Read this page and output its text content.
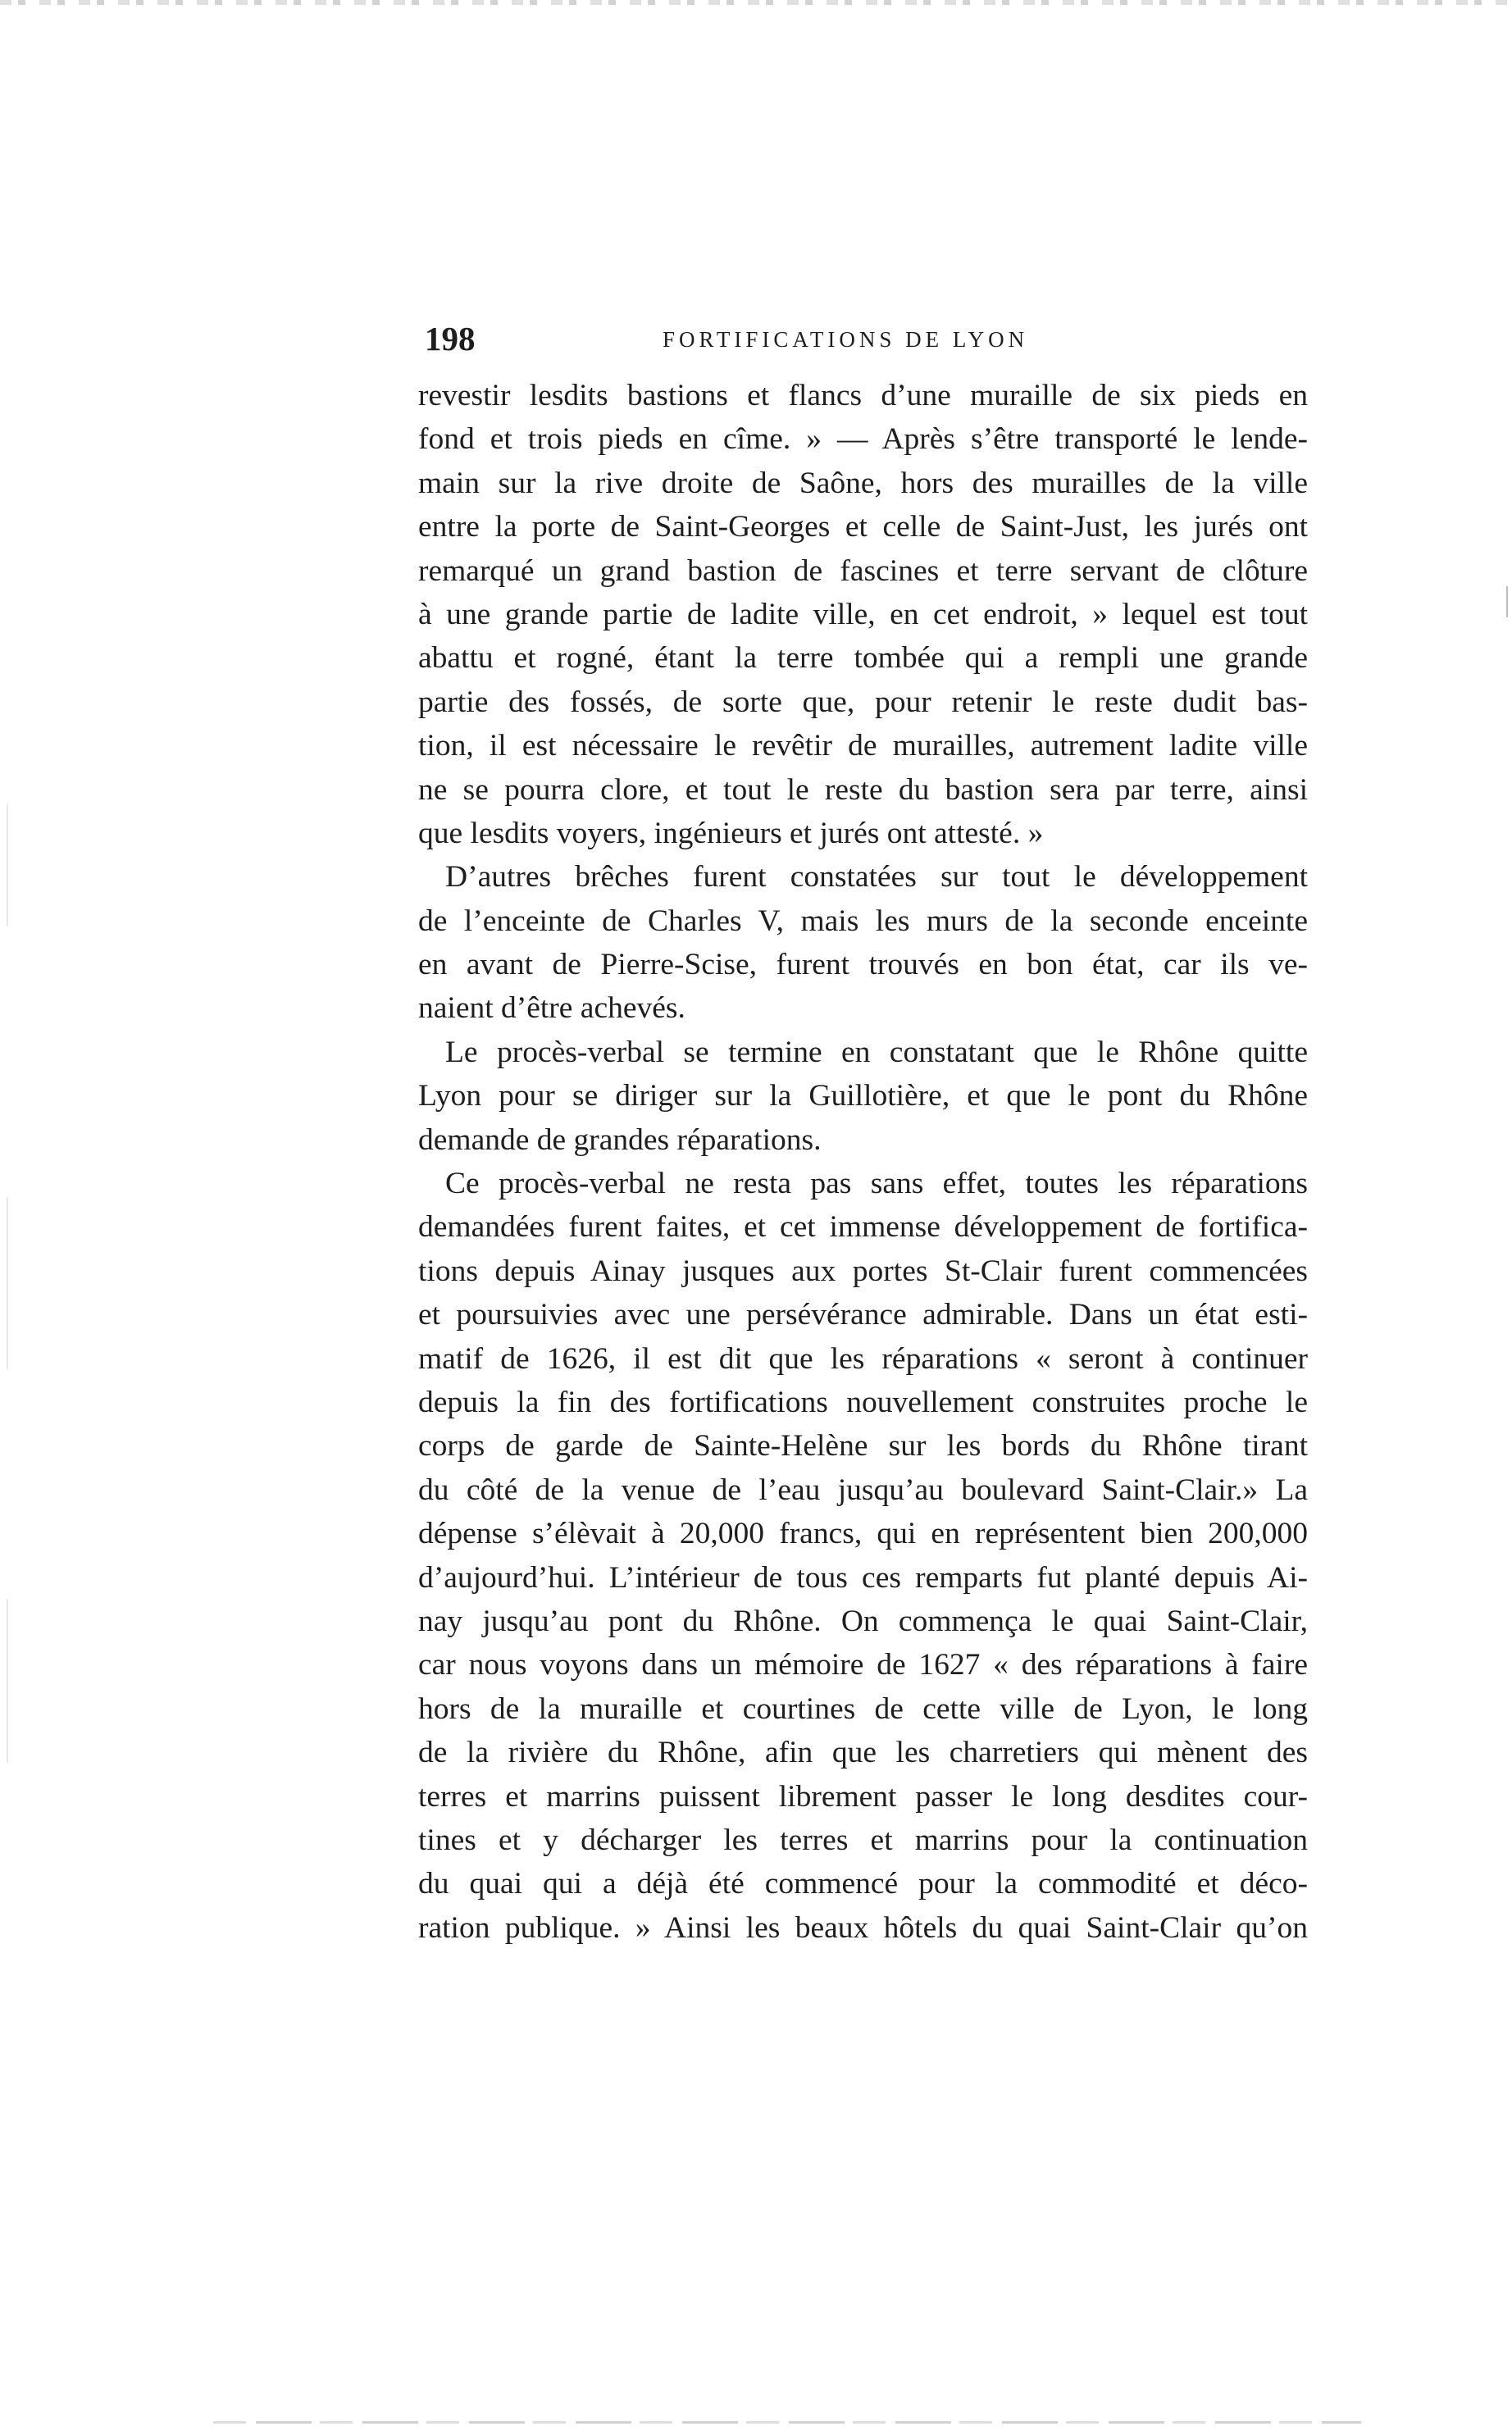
198	FORTIFICATIONS DE LYON
revestir lesdits bastions et flancs d’une muraille de six pieds en
fond et trois pieds en cîme. » — Après s’être transporté le lende-
main sur la rive droite de Saône, hors des murailles de la ville
entre la porte de Saint-Georges et celle de Saint-Just, les jurés ont
remarqué un grand bastion de fascines et terre servant de clôture
à une grande partie de ladite ville, en cet endroit, » lequel est tout
abattu et rogné, étant la terre tombée qui a rempli une grande
partie des fossés, de sorte que, pour retenir le reste dudit bas-
tion, il est nécessaire le revêtir de murailles, autrement ladite ville
ne se pourra clore, et tout le reste du bastion sera par terre, ainsi
que lesdits voyers, ingénieurs et jurés ont attesté. »
D’autres brêches furent constatées sur tout le développement
de l’enceinte de Charles V, mais les murs de la seconde enceinte
en avant de Pierre-Scise, furent trouvés en bon état, car ils ve-
naient d’être achevés.
Le procès-verbal se termine en constatant que le Rhône quitte
Lyon pour se diriger sur la Guillotière, et que le pont du Rhône
demande de grandes réparations.
Ce procès-verbal ne resta pas sans effet, toutes les réparations
demandées furent faites, et cet immense développement de fortifica-
tions depuis Ainay jusques aux portes St-Clair furent commencées
et poursuivies avec une persévérance admirable. Dans un état esti-
matif de 1626, il est dit que les réparations « seront à continuer
depuis la fin des fortifications nouvellement construites proche le
corps de garde de Sainte-Helène sur les bords du Rhône tirant
du côté de la venue de l’eau jusqu’au boulevard Saint-Clair.» La
dépense s’élèvait à 20,000 francs, qui en représentent bien 200,000
d’aujourd’hui. L’intérieur de tous ces remparts fut planté depuis Ai-
nay jusqu’au pont du Rhône. On commença le quai Saint-Clair,
car nous voyons dans un mémoire de 1627 « des réparations à faire
hors de la muraille et courtines de cette ville de Lyon, le long
de la rivière du Rhône, afin que les charretiers qui mènent des
terres et marrins puissent librement passer le long desdites cour-
tines et y décharger les terres et marrins pour la continuation
du quai qui a déjà été commencé pour la commodité et déco-
ration publique. » Ainsi les beaux hôtels du quai Saint-Clair qu’on
